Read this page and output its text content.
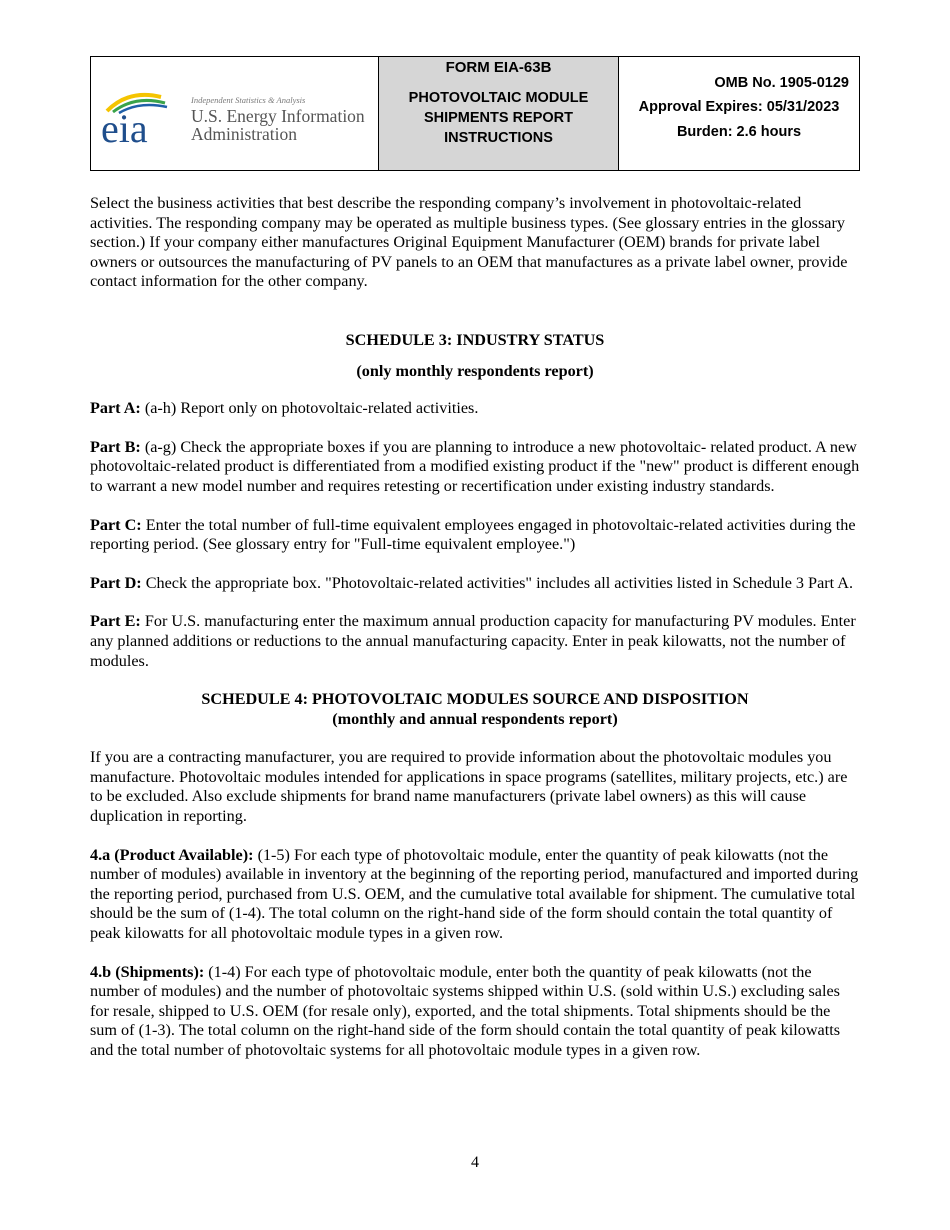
eia
Independent Statistics & Analysis
U.S. Energy Information
Administration
FORM EIA-63B
PHOTOVOLTAIC MODULE
SHIPMENTS REPORT
INSTRUCTIONS
OMB No. 1905-0129
Approval Expires: 05/31/2023
Burden: 2.6 hours

Select the business activities that best describe the responding company’s involvement in photovoltaic-related activities. The responding company may be operated as multiple business types. (See glossary entries in the glossary section.) If your company either manufactures Original Equipment Manufacturer (OEM) brands for private label owners or outsources the manufacturing of PV panels to an OEM that manufactures as a private label owner, provide contact information for the other company.

SCHEDULE 3: INDUSTRY STATUS

(only monthly respondents report)

Part A: (a-h) Report only on photovoltaic-related activities.

Part B: (a-g) Check the appropriate boxes if you are planning to introduce a new photovoltaic- related product. A new photovoltaic-related product is differentiated from a modified existing product if the "new" product is different enough to warrant a new model number and requires retesting or recertification under existing industry standards.

Part C: Enter the total number of full-time equivalent employees engaged in photovoltaic-related activities during the reporting period. (See glossary entry for "Full-time equivalent employee.")

Part D: Check the appropriate box. "Photovoltaic-related activities" includes all activities listed in Schedule 3 Part A.

Part E: For U.S. manufacturing enter the maximum annual production capacity for manufacturing PV modules. Enter any planned additions or reductions to the annual manufacturing capacity. Enter in peak kilowatts, not the number of modules.

SCHEDULE 4: PHOTOVOLTAIC MODULES SOURCE AND DISPOSITION

(monthly and annual respondents report)

If you are a contracting manufacturer, you are required to provide information about the photovoltaic modules you manufacture. Photovoltaic modules intended for applications in space programs (satellites, military projects, etc.) are to be excluded. Also exclude shipments for brand name manufacturers (private label owners) as this will cause duplication in reporting.

4.a (Product Available): (1-5) For each type of photovoltaic module, enter the quantity of peak kilowatts (not the number of modules) available in inventory at the beginning of the reporting period, manufactured and imported during the reporting period, purchased from U.S. OEM, and the cumulative total available for shipment. The cumulative total should be the sum of (1-4). The total column on the right-hand side of the form should contain the total quantity of peak kilowatts for all photovoltaic module types in a given row.

4.b (Shipments): (1-4) For each type of photovoltaic module, enter both the quantity of peak kilowatts (not the number of modules) and the number of photovoltaic systems shipped within U.S. (sold within U.S.) excluding sales for resale, shipped to U.S. OEM (for resale only), exported, and the total shipments. Total shipments should be the sum of (1-3). The total column on the right-hand side of the form should contain the total quantity of peak kilowatts and the total number of photovoltaic systems for all photovoltaic module types in a given row.

4
